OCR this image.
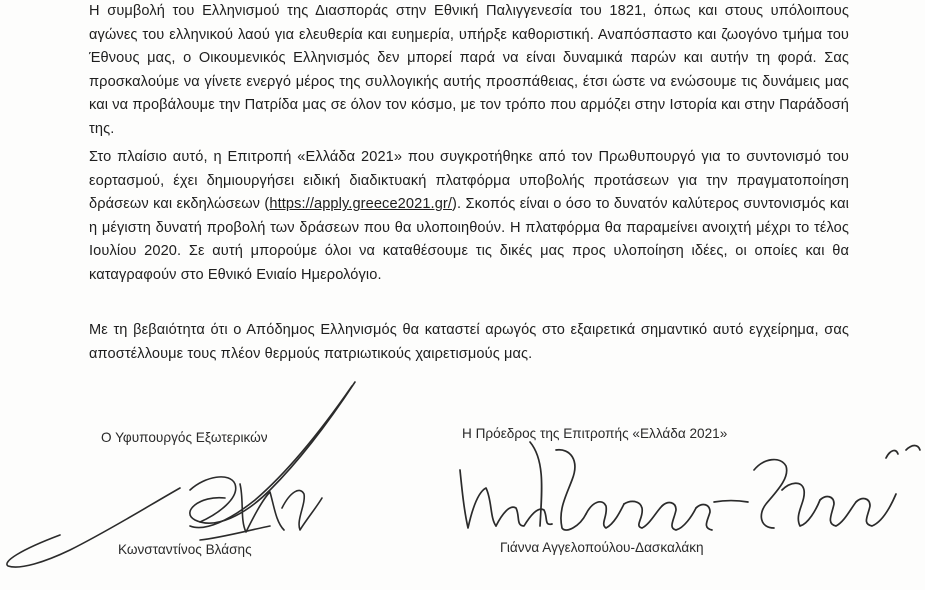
Η συμβολή του Ελληνισμού της Διασποράς στην Εθνική Παλιγγενεσία του 1821, όπως και στους υπόλοιπους αγώνες του ελληνικού λαού για ελευθερία και ευημερία, υπήρξε καθοριστική. Αναπόσπαστο και ζωογόνο τμήμα του Έθνους μας, ο Οικουμενικός Ελληνισμός δεν μπορεί παρά να είναι δυναμικά παρών και αυτήν τη φορά. Σας προσκαλούμε να γίνετε ενεργό μέρος της συλλογικής αυτής προσπάθειας, έτσι ώστε να ενώσουμε τις δυνάμεις μας και να προβάλουμε την Πατρίδα μας σε όλον τον κόσμο, με τον τρόπο που αρμόζει στην Ιστορία και στην Παράδοσή της.

Στο πλαίσιο αυτό, η Επιτροπή «Ελλάδα 2021» που συγκροτήθηκε από τον Πρωθυπουργό για το συντονισμό του εορτασμού, έχει δημιουργήσει ειδική διαδικτυακή πλατφόρμα υποβολής προτάσεων για την πραγματοποίηση δράσεων και εκδηλώσεων (https://apply.greece2021.gr/). Σκοπός είναι ο όσο το δυνατόν καλύτερος συντονισμός και η μέγιστη δυνατή προβολή των δράσεων που θα υλοποιηθούν. Η πλατφόρμα θα παραμείνει ανοιχτή μέχρι το τέλος Ιουλίου 2020. Σε αυτή μπορούμε όλοι να καταθέσουμε τις δικές μας προς υλοποίηση ιδέες, οι οποίες και θα καταγραφούν στο Εθνικό Ενιαίο Ημερολόγιο.

Με τη βεβαιότητα ότι ο Απόδημος Ελληνισμός θα καταστεί αρωγός στο εξαιρετικά σημαντικό αυτό εγχείρημα, σας αποστέλλουμε τους πλέον θερμούς πατριωτικούς χαιρετισμούς μας.

Ο Υφυπουργός Εξωτερικών
Κωνσταντίνος Βλάσης
Η Πρόεδρος της Επιτροπής «Ελλάδα 2021»
Γιάννα Αγγελοπούλου-Δασκαλάκη
